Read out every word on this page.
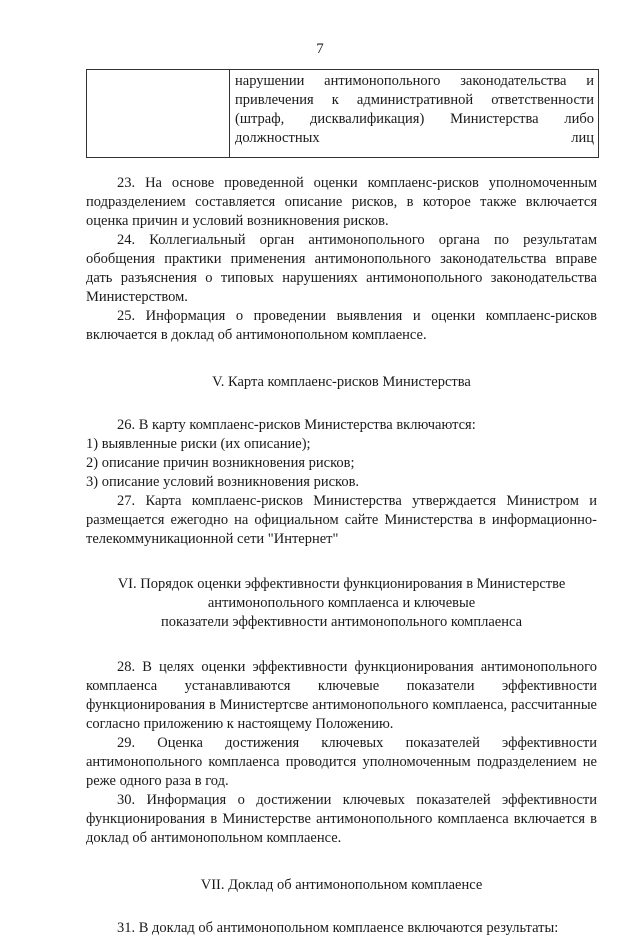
7

нарушении антимонопольного законодательства и привлечения к административной ответственности (штраф, дисквалификация) Министерства либо должностных лиц

23. На основе проведенной оценки комплаенс-рисков уполномоченным подразделением составляется описание рисков, в которое также включается оценка причин и условий возникновения рисков.

24. Коллегиальный орган антимонопольного органа по результатам обобщения практики применения антимонопольного законодательства вправе дать разъяснения о типовых нарушениях антимонопольного законодательства Министерством.

25. Информация о проведении выявления и оценки комплаенс-рисков включается в доклад об антимонопольном комплаенсе.

V. Карта комплаенс-рисков Министерства

26. В карту комплаенс-рисков Министерства включаются:

1) выявленные риски (их описание);

2) описание причин возникновения рисков;

3) описание условий возникновения рисков.

27. Карта комплаенс-рисков Министерства утверждается Министром и размещается ежегодно на официальном сайте Министерства в информационно-телекоммуникационной сети "Интернет"

VI. Порядок оценки эффективности функционирования в Министерстве

антимонопольного комплаенса и ключевые

показатели эффективности антимонопольного комплаенса

28. В целях оценки эффективности функционирования антимонопольного комплаенса устанавливаются ключевые показатели эффективности функционирования в Министертсве антимонопольного комплаенса, рассчитанные согласно приложению к настоящему Положению.

29. Оценка достижения ключевых показателей эффективности антимонопольного комплаенса проводится уполномоченным подразделением не реже одного раза в год.

30. Информация о достижении ключевых показателей эффективности функционирования в Министерстве антимонопольного комплаенса включается в доклад об антимонопольном комплаенсе.

VII. Доклад об антимонопольном комплаенсе

31. В доклад об антимонопольном комплаенсе включаются результаты:
